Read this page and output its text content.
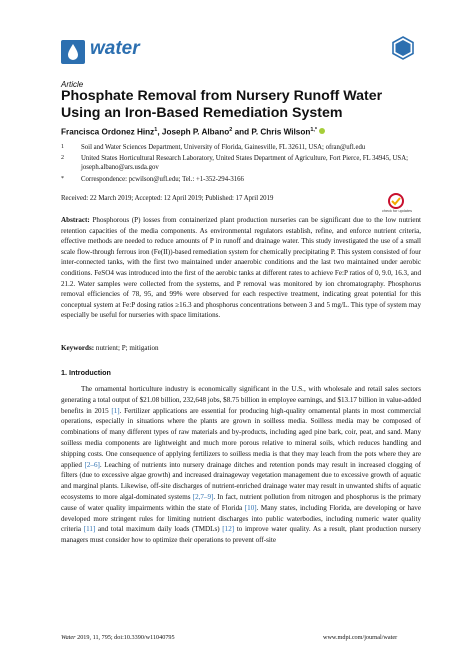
water
Article
Phosphate Removal from Nursery Runoff Water Using an Iron-Based Remediation System
Francisca Ordonez Hinz$^1$, Joseph P. Albano$^2$ and P. Chris Wilson$^{1,*}$
1	Soil and Water Sciences Department, University of Florida, Gainesville, FL 32611, USA; ofran@ufl.edu
2	United States Horticultural Research Laboratory, United States Department of Agriculture, Fort Pierce, FL 34945, USA; joseph.albano@ars.usda.gov
*	Correspondence: pcwilson@ufl.edu; Tel.: +1-352-294-3166
Received: 22 March 2019; Accepted: 12 April 2019; Published: 17 April 2019
check for updates
Abstract: Phosphorous (P) losses from containerized plant production nurseries can be significant due to the low nutrient retention capacities of the media components. As environmental regulators establish, refine, and enforce nutrient criteria, effective methods are needed to reduce amounts of P in runoff and drainage water. This study investigated the use of a small scale flow-through ferrous iron (Fe(II))-based remediation system for chemically precipitating P. This system consisted of four inter-connected tanks, with the first two maintained under anaerobic conditions and the last two maintained under aerobic conditions. FeSO4 was introduced into the first of the aerobic tanks at different rates to achieve Fe:P ratios of 0, 9.0, 16.3, and 21.2. Water samples were collected from the systems, and P removal was monitored by ion chromatography. Phosphorus removal efficiencies of 78, 95, and 99% were observed for each respective treatment, indicating great potential for this conceptual system at Fe:P dosing ratios ≥16.3 and phosphorus concentrations between 3 and 5 mg/L. This type of system may especially be useful for nurseries with space limitations.
Keywords: nutrient; P; mitigation
1. Introduction
The ornamental horticulture industry is economically significant in the U.S., with wholesale and retail sales sectors generating a total output of $21.08 billion, 232,648 jobs, $8.75 billion in employee earnings, and $13.17 billion in value-added benefits in 2015 [1]. Fertilizer applications are essential for producing high-quality ornamental plants in most commercial operations, especially in situations where the plants are grown in soilless media. Soilless media may be composed of combinations of many different types of raw materials and by-products, including aged pine bark, coir, peat, and sand. Many soilless media components are lightweight and much more porous relative to mineral soils, which reduces handling and shipping costs. One consequence of applying fertilizers to soilless media is that they may leach from the pots where they are applied [2–6]. Leaching of nutrients into nursery drainage ditches and retention ponds may result in increased clogging of filters (due to excessive algae growth) and increased drainageway vegetation management due to excessive growth of aquatic and marginal plants. Likewise, off-site discharges of nutrient-enriched drainage water may result in unwanted shifts of aquatic ecosystems to more algal-dominated systems [2,7–9]. In fact, nutrient pollution from nitrogen and phosphorus is the primary cause of water quality impairments within the state of Florida [10]. Many states, including Florida, are developing or have developed more stringent rules for limiting nutrient discharges into public waterbodies, including numeric water quality criteria [11] and total maximum daily loads (TMDLs) [12] to improve water quality. As a result, plant production nursery managers must consider how to optimize their operations to prevent off-site
Water 2019, 11, 795; doi:10.3390/w11040795	www.mdpi.com/journal/water
